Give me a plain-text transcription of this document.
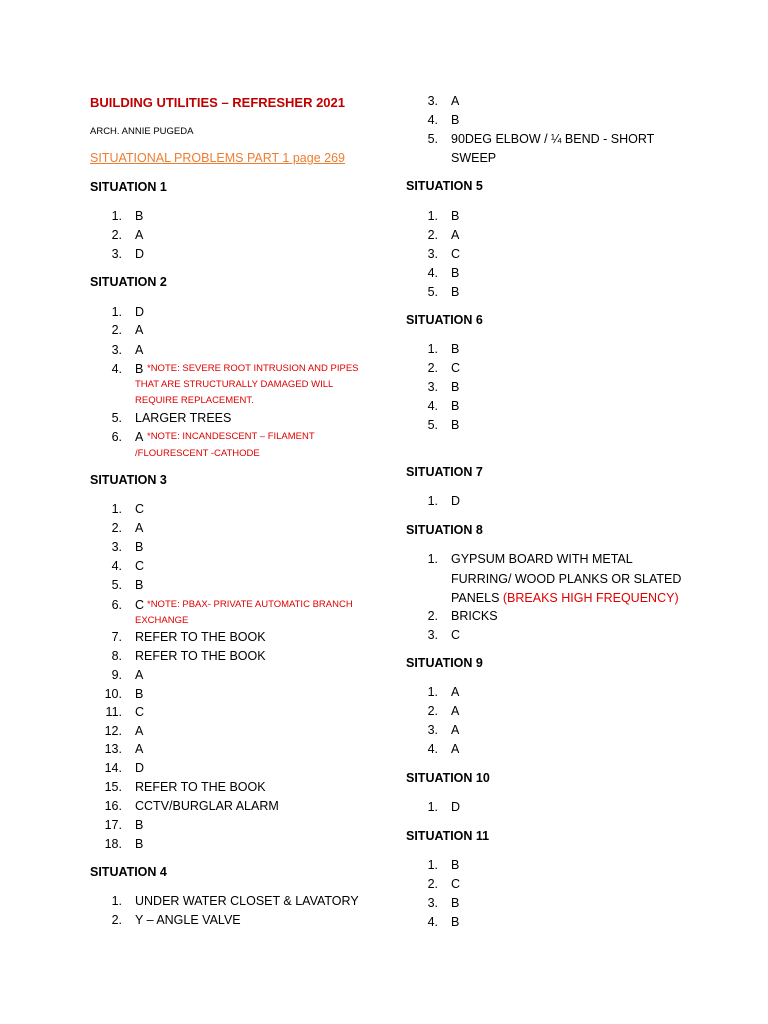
BUILDING UTILITIES – REFRESHER 2021
ARCH. ANNIE PUGEDA
SITUATIONAL PROBLEMS PART 1 page 269
SITUATION 1
1. B
2. A
3. D
SITUATION 2
1. D
2. A
3. A
4. B *NOTE: SEVERE ROOT INTRUSION AND PIPES
THAT ARE STRUCTURALLY DAMAGED WILL
REQUIRE REPLACEMENT.
5. LARGER TREES
6. A *NOTE: INCANDESCENT – FILAMENT
/FLOURESCENT -CATHODE
SITUATION 3
1. C
2. A
3. B
4. C
5. B
6. C *NOTE: PBAX- PRIVATE AUTOMATIC BRANCH
EXCHANGE
7. REFER TO THE BOOK
8. REFER TO THE BOOK
9. A
10. B
11. C
12. A
13. A
14. D
15. REFER TO THE BOOK
16. CCTV/BURGLAR ALARM
17. B
18. B
SITUATION 4
1. UNDER WATER CLOSET & LAVATORY
2. Y – ANGLE VALVE
3. A
4. B
5. 90DEG ELBOW / ¼ BEND - SHORT
SWEEP
SITUATION 5
1. B
2. A
3. C
4. B
5. B
SITUATION 6
1. B
2. C
3. B
4. B
5. B
SITUATION 7
1. D
SITUATION 8
1. GYPSUM BOARD WITH METAL
FURRING/ WOOD PLANKS OR SLATED
PANELS (BREAKS HIGH FREQUENCY)
2. BRICKS
3. C
SITUATION 9
1. A
2. A
3. A
4. A
SITUATION 10
1. D
SITUATION 11
1. B
2. C
3. B
4. B
